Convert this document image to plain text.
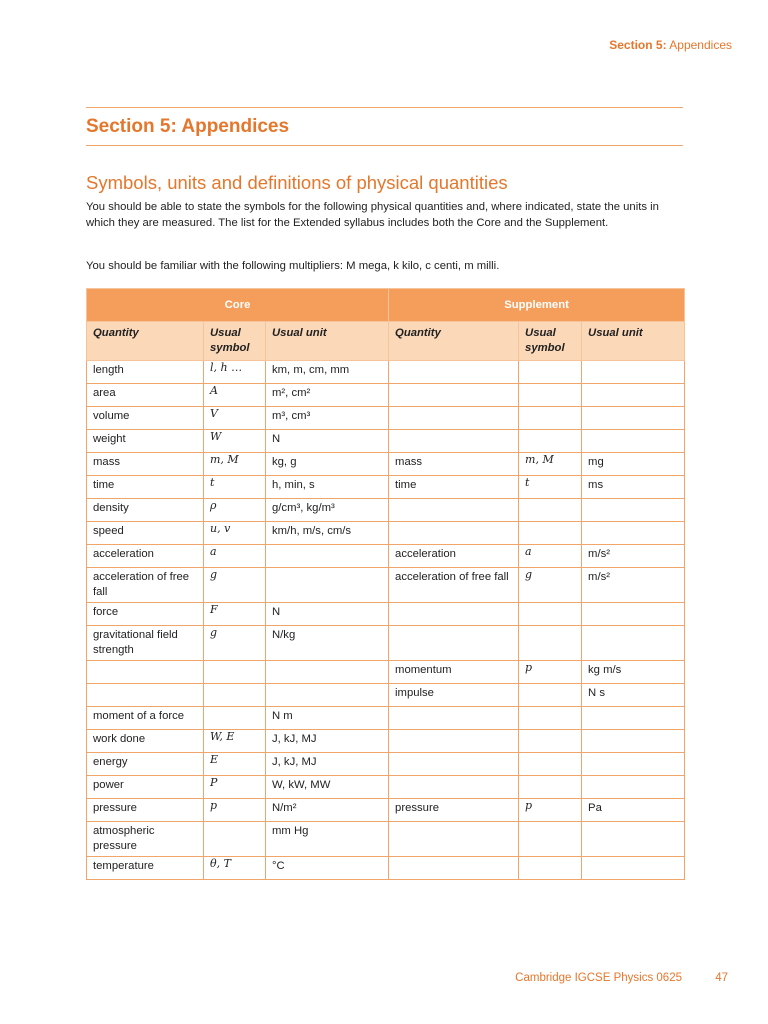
Section 5: Appendices
Section 5: Appendices
Symbols, units and definitions of physical quantities
You should be able to state the symbols for the following physical quantities and, where indicated, state the units in which they are measured. The list for the Extended syllabus includes both the Core and the Supplement.
You should be familiar with the following multipliers: M mega, k kilo, c centi, m milli.
Core			Supplement		
Quantity	Usual symbol	Usual unit	Quantity	Usual symbol	Usual unit
length	l, h …	km, m, cm, mm			
area	A	m², cm²			
volume	V	m³, cm³			
weight	W	N			
mass	m, M	kg, g	mass	m, M	mg
time	t	h, min, s	time	t	ms
density	ρ	g/cm³, kg/m³			
speed	u, v	km/h, m/s, cm/s			
acceleration	a		acceleration	a	m/s²
acceleration of free fall	g		acceleration of free fall	g	m/s²
force	F	N			
gravitational field strength	g	N/kg			
			momentum	p	kg m/s
			impulse		N s
moment of a force		N m			
work done	W, E	J, kJ, MJ			
energy	E	J, kJ, MJ			
power	P	W, kW, MW			
pressure	p	N/m²	pressure	p	Pa
atmospheric pressure		mm Hg			
temperature	θ, T	°C			
Cambridge IGCSE Physics 0625	47
